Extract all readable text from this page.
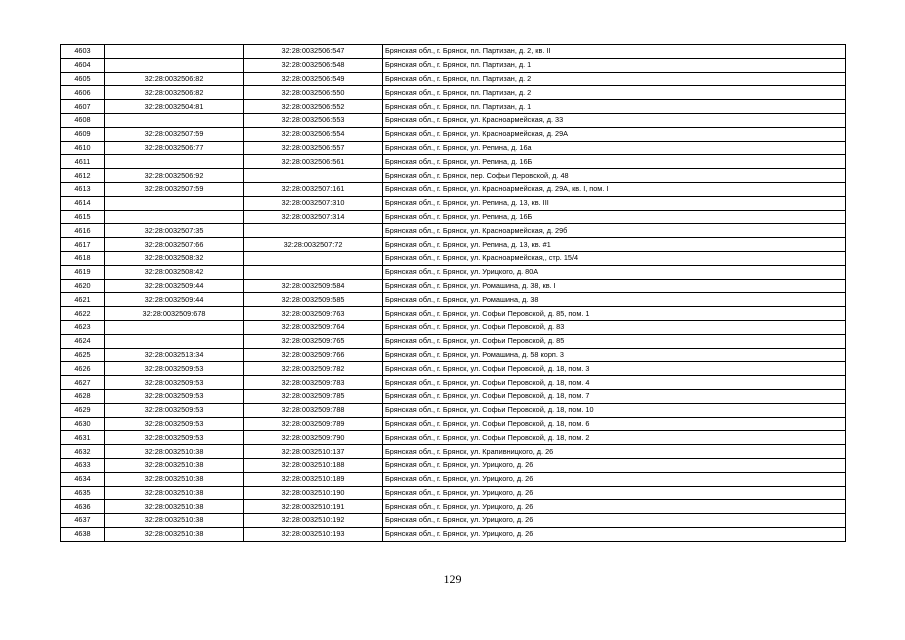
4603		32:28:0032506:547	Брянская обл., г. Брянск, пл. Партизан, д. 2, кв. II
4604		32:28:0032506:548	Брянская обл., г. Брянск, пл. Партизан, д. 1
4605	32:28:0032506:82	32:28:0032506:549	Брянская обл., г. Брянск, пл. Партизан, д. 2
4606	32:28:0032506:82	32:28:0032506:550	Брянская обл., г. Брянск, пл. Партизан, д. 2
4607	32:28:0032504:81	32:28:0032506:552	Брянская обл., г. Брянск, пл. Партизан, д. 1
4608		32:28:0032506:553	Брянская обл., г. Брянск, ул. Красноармейская, д. 33
4609	32:28:0032507:59	32:28:0032506:554	Брянская обл., г. Брянск, ул. Красноармейская, д. 29А
4610	32:28:0032506:77	32:28:0032506:557	Брянская обл., г. Брянск, ул. Репина, д. 16а
4611		32:28:0032506:561	Брянская обл., г. Брянск, ул. Репина, д. 16Б
4612	32:28:0032506:92		Брянская обл., г. Брянск, пер. Софьи Перовской, д. 48
4613	32:28:0032507:59	32:28:0032507:161	Брянская обл., г. Брянск, ул. Красноармейская, д. 29А, кв. I, пом. I
4614		32:28:0032507:310	Брянская обл., г. Брянск, ул. Репина, д. 13, кв. III
4615		32:28:0032507:314	Брянская обл., г. Брянск, ул. Репина, д. 16Б
4616	32:28:0032507:35		Брянская обл., г. Брянск, ул. Красноармейская, д. 29б
4617	32:28:0032507:66	32:28:0032507:72	Брянская обл., г. Брянск, ул. Репина, д. 13, кв. #1
4618	32:28:0032508:32		Брянская обл., г. Брянск, ул. Красноармейская,, стр. 15/4
4619	32:28:0032508:42		Брянская обл., г. Брянск, ул. Урицкого, д. 80А
4620	32:28:0032509:44	32:28:0032509:584	Брянская обл., г. Брянск, ул. Ромашина, д. 38, кв. I
4621	32:28:0032509:44	32:28:0032509:585	Брянская обл., г. Брянск, ул. Ромашина, д. 38
4622	32:28:0032509:678	32:28:0032509:763	Брянская обл., г. Брянск, ул. Софьи Перовской, д. 85, пом. 1
4623		32:28:0032509:764	Брянская обл., г. Брянск, ул. Софьи Перовской, д. 83
4624		32:28:0032509:765	Брянская обл., г. Брянск, ул. Софьи Перовской, д. 85
4625	32:28:0032513:34	32:28:0032509:766	Брянская обл., г. Брянск, ул. Ромашина, д. 58 корп. 3
4626	32:28:0032509:53	32:28:0032509:782	Брянская обл., г. Брянск, ул. Софьи Перовской, д. 18, пом. 3
4627	32:28:0032509:53	32:28:0032509:783	Брянская обл., г. Брянск, ул. Софьи Перовской, д. 18, пом. 4
4628	32:28:0032509:53	32:28:0032509:785	Брянская обл., г. Брянск, ул. Софьи Перовской, д. 18, пом. 7
4629	32:28:0032509:53	32:28:0032509:788	Брянская обл., г. Брянск, ул. Софьи Перовской, д. 18, пом. 10
4630	32:28:0032509:53	32:28:0032509:789	Брянская обл., г. Брянск, ул. Софьи Перовской, д. 18, пом. 6
4631	32:28:0032509:53	32:28:0032509:790	Брянская обл., г. Брянск, ул. Софьи Перовской, д. 18, пом. 2
4632	32:28:0032510:38	32:28:0032510:137	Брянская обл., г. Брянск, ул. Крапивницкого, д. 26
4633	32:28:0032510:38	32:28:0032510:188	Брянская обл., г. Брянск, ул. Урицкого, д. 26
4634	32:28:0032510:38	32:28:0032510:189	Брянская обл., г. Брянск, ул. Урицкого, д. 26
4635	32:28:0032510:38	32:28:0032510:190	Брянская обл., г. Брянск, ул. Урицкого, д. 26
4636	32:28:0032510:38	32:28:0032510:191	Брянская обл., г. Брянск, ул. Урицкого, д. 26
4637	32:28:0032510:38	32:28:0032510:192	Брянская обл., г. Брянск, ул. Урицкого, д. 26
4638	32:28:0032510:38	32:28:0032510:193	Брянская обл., г. Брянск, ул. Урицкого, д. 26
129
